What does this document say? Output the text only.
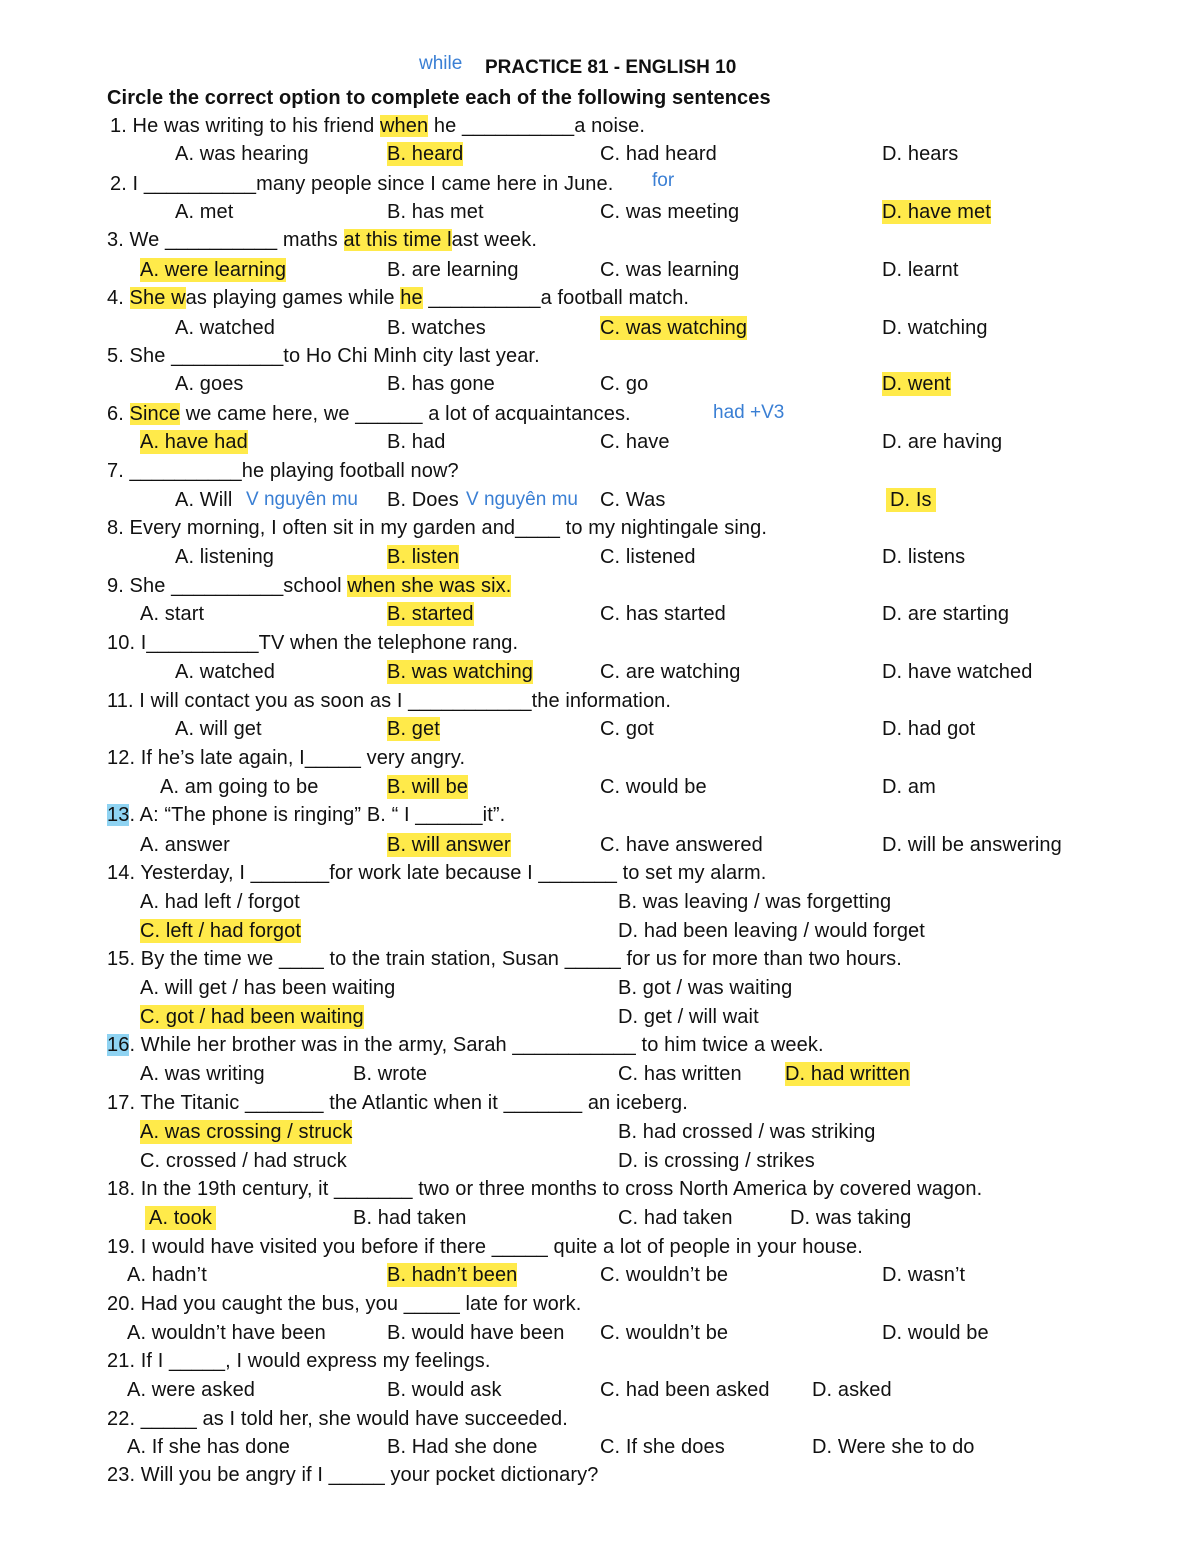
while PRACTICE 81 - ENGLISH 10
Circle the correct option to complete each of the following sentences
1. He was writing to his friend when he __________a noise.
A. was hearing	B. heard	C. had heard	D. hears
2. I __________many people since I came here in June. for
A. met	B. has met	C. was meeting	D. have met
3. We __________ maths at this time last week.
A. were learning	B. are learning	C. was learning	D. learnt
4. She was playing games while he __________a football match.
A. watched	B. watches	C. was watching	D. watching
5. She __________to Ho Chi Minh city last year.
A. goes	B. has gone	C. go	D. went
6. Since we came here, we ______ a lot of acquaintances.	had +V3
A. have had	B. had	C. have	D. are having
7. __________he playing football now?
A. Will V nguyên mu B. Does V nguyên mu C. Was	D. Is
8. Every morning, I often sit in my garden and____ to my nightingale sing.
A. listening	B. listen	C. listened	D. listens
9. She __________school when she was six.
A. start	B. started	C. has started	D. are starting
10. I__________TV when the telephone rang.
A. watched	B. was watching	C. are watching	D. have watched
11. I will contact you as soon as I ___________the information.
A. will get	B. get	C. got	D. had got
12. If he’s late again, I_____ very angry.
A. am going to be	B. will be	C. would be	D. am
13. A: “The phone is ringing” B. “ I ______it”.
A. answer	B. will answer	C. have answered	D. will be answering
14. Yesterday, I _______for work late because I _______ to set my alarm.
A. had left / forgot	B. was leaving / was forgetting
C. left / had forgot	D. had been leaving / would forget
15. By the time we ____ to the train station, Susan _____ for us for more than two hours.
A. will get / has been waiting	B. got / was waiting
C. got / had been waiting	D. get / will wait
16. While her brother was in the army, Sarah ___________ to him twice a week.
A. was writing	B. wrote	C. has written D. had written
17. The Titanic _______ the Atlantic when it _______ an iceberg.
A. was crossing / struck	B. had crossed / was striking
C. crossed / had struck	D. is crossing / strikes
18. In the 19th century, it _______ two or three months to cross North America by covered wagon.
A. took	B. had taken	C. had taken	D. was taking
19. I would have visited you before if there _____ quite a lot of people in your house.
A. hadn’t	B. hadn’t been	C. wouldn’t be	D. wasn’t
20. Had you caught the bus, you _____ late for work.
A. wouldn’t have been	B. would have been C. wouldn’t be	D. would be
21. If I _____, I would express my feelings.
A. were asked	B. would ask	C. had been asked D. asked
22. _____ as I told her, she would have succeeded.
A. If she has done	B. Had she done	C. If she does	D. Were she to do
23. Will you be angry if I _____ your pocket dictionary?
